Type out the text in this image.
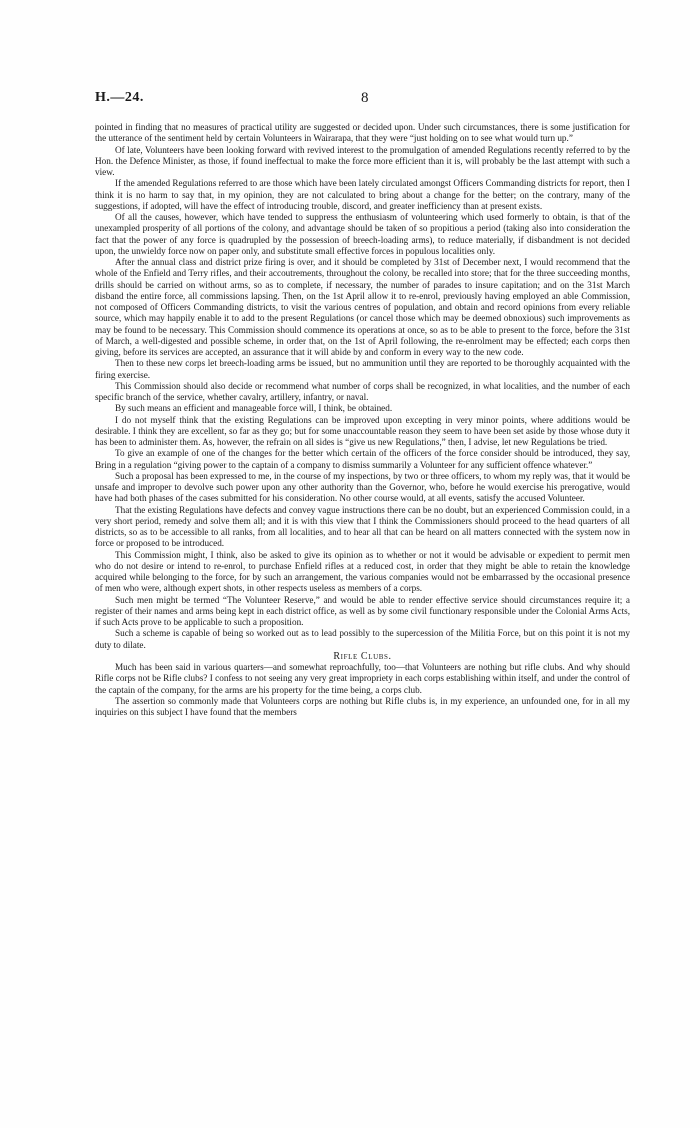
H.—24.	8

pointed in finding that no measures of practical utility are suggested or decided upon. Under such circumstances, there is some justification for the utterance of the sentiment held by certain Volunteers in Wairarapa, that they were “just holding on to see what would turn up.”

Of late, Volunteers have been looking forward with revived interest to the promulgation of amended Regulations recently referred to by the Hon. the Defence Minister, as those, if found ineffectual to make the force more efficient than it is, will probably be the last attempt with such a view.

If the amended Regulations referred to are those which have been lately circulated amongst Officers Commanding districts for report, then I think it is no harm to say that, in my opinion, they are not calculated to bring about a change for the better; on the contrary, many of the suggestions, if adopted, will have the effect of introducing trouble, discord, and greater inefficiency than at present exists.

Of all the causes, however, which have tended to suppress the enthusiasm of volunteering which used formerly to obtain, is that of the unexampled prosperity of all portions of the colony, and advantage should be taken of so propitious a period (taking also into consideration the fact that the power of any force is quadrupled by the possession of breech-loading arms), to reduce materially, if disbandment is not decided upon, the unwieldy force now on paper only, and substitute small effective forces in populous localities only.

After the annual class and district prize firing is over, and it should be completed by 31st of December next, I would recommend that the whole of the Enfield and Terry rifles, and their accoutrements, throughout the colony, be recalled into store; that for the three succeeding months, drills should be carried on without arms, so as to complete, if necessary, the number of parades to insure capitation; and on the 31st March disband the entire force, all commissions lapsing. Then, on the 1st April allow it to re-enrol, previously having employed an able Commission, not composed of Officers Commanding districts, to visit the various centres of population, and obtain and record opinions from every reliable source, which may happily enable it to add to the present Regulations (or cancel those which may be deemed obnoxious) such improvements as may be found to be necessary. This Commission should commence its operations at once, so as to be able to present to the force, before the 31st of March, a well-digested and possible scheme, in order that, on the 1st of April following, the re-enrolment may be effected; each corps then giving, before its services are accepted, an assurance that it will abide by and conform in every way to the new code.

Then to these new corps let breech-loading arms be issued, but no ammunition until they are reported to be thoroughly acquainted with the firing exercise.

This Commission should also decide or recommend what number of corps shall be recognized, in what localities, and the number of each specific branch of the service, whether cavalry, artillery, infantry, or naval.

By such means an efficient and manageable force will, I think, be obtained.

I do not myself think that the existing Regulations can be improved upon excepting in very minor points, where additions would be desirable. I think they are excellent, so far as they go; but for some unaccountable reason they seem to have been set aside by those whose duty it has been to administer them. As, however, the refrain on all sides is “give us new Regulations,” then, I advise, let new Regulations be tried.

To give an example of one of the changes for the better which certain of the officers of the force consider should be introduced, they say, Bring in a regulation “giving power to the captain of a company to dismiss summarily a Volunteer for any sufficient offence whatever.”

Such a proposal has been expressed to me, in the course of my inspections, by two or three officers, to whom my reply was, that it would be unsafe and improper to devolve such power upon any other authority than the Governor, who, before he would exercise his prerogative, would have had both phases of the cases submitted for his consideration. No other course would, at all events, satisfy the accused Volunteer.

That the existing Regulations have defects and convey vague instructions there can be no doubt, but an experienced Commission could, in a very short period, remedy and solve them all; and it is with this view that I think the Commissioners should proceed to the head quarters of all districts, so as to be accessible to all ranks, from all localities, and to hear all that can be heard on all matters connected with the system now in force or proposed to be introduced.

This Commission might, I think, also be asked to give its opinion as to whether or not it would be advisable or expedient to permit men who do not desire or intend to re-enrol, to purchase Enfield rifles at a reduced cost, in order that they might be able to retain the knowledge acquired while belonging to the force, for by such an arrangement, the various companies would not be embarrassed by the occasional presence of men who were, although expert shots, in other respects useless as members of a corps.

Such men might be termed “The Volunteer Reserve,” and would be able to render effective service should circumstances require it; a register of their names and arms being kept in each district office, as well as by some civil functionary responsible under the Colonial Arms Acts, if such Acts prove to be applicable to such a proposition.

Such a scheme is capable of being so worked out as to lead possibly to the supercession of the Militia Force, but on this point it is not my duty to dilate.

Rifle Clubs.

Much has been said in various quarters—and somewhat reproachfully, too—that Volunteers are nothing but rifle clubs. And why should Rifle corps not be Rifle clubs? I confess to not seeing any very great impropriety in each corps establishing within itself, and under the control of the captain of the company, for the arms are his property for the time being, a corps club.

The assertion so commonly made that Volunteers corps are nothing but Rifle clubs is, in my experience, an unfounded one, for in all my inquiries on this subject I have found that the members
